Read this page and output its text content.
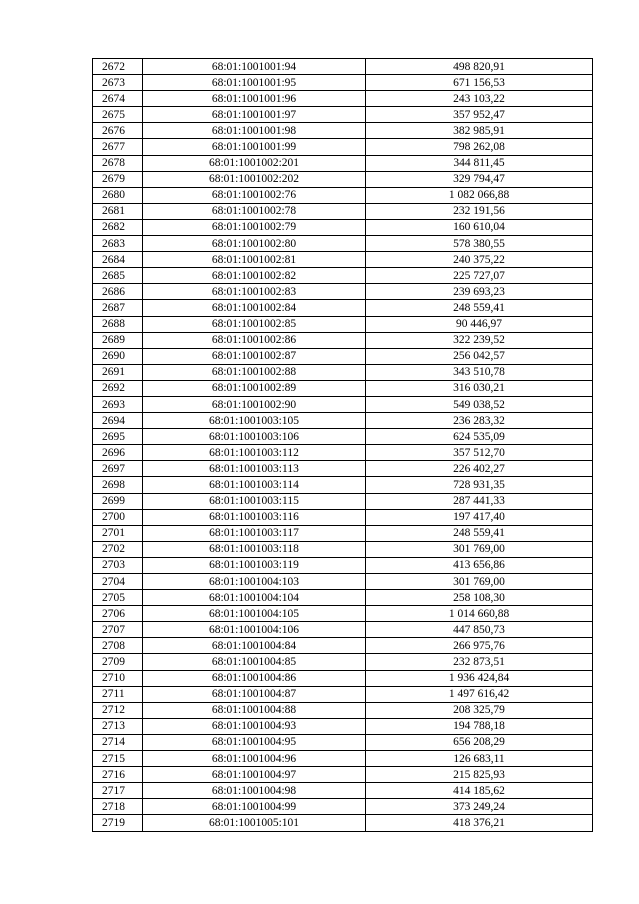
2672	68:01:1001001:94	498 820,91
2673	68:01:1001001:95	671 156,53
2674	68:01:1001001:96	243 103,22
2675	68:01:1001001:97	357 952,47
2676	68:01:1001001:98	382 985,91
2677	68:01:1001001:99	798 262,08
2678	68:01:1001002:201	344 811,45
2679	68:01:1001002:202	329 794,47
2680	68:01:1001002:76	1 082 066,88
2681	68:01:1001002:78	232 191,56
2682	68:01:1001002:79	160 610,04
2683	68:01:1001002:80	578 380,55
2684	68:01:1001002:81	240 375,22
2685	68:01:1001002:82	225 727,07
2686	68:01:1001002:83	239 693,23
2687	68:01:1001002:84	248 559,41
2688	68:01:1001002:85	90 446,97
2689	68:01:1001002:86	322 239,52
2690	68:01:1001002:87	256 042,57
2691	68:01:1001002:88	343 510,78
2692	68:01:1001002:89	316 030,21
2693	68:01:1001002:90	549 038,52
2694	68:01:1001003:105	236 283,32
2695	68:01:1001003:106	624 535,09
2696	68:01:1001003:112	357 512,70
2697	68:01:1001003:113	226 402,27
2698	68:01:1001003:114	728 931,35
2699	68:01:1001003:115	287 441,33
2700	68:01:1001003:116	197 417,40
2701	68:01:1001003:117	248 559,41
2702	68:01:1001003:118	301 769,00
2703	68:01:1001003:119	413 656,86
2704	68:01:1001004:103	301 769,00
2705	68:01:1001004:104	258 108,30
2706	68:01:1001004:105	1 014 660,88
2707	68:01:1001004:106	447 850,73
2708	68:01:1001004:84	266 975,76
2709	68:01:1001004:85	232 873,51
2710	68:01:1001004:86	1 936 424,84
2711	68:01:1001004:87	1 497 616,42
2712	68:01:1001004:88	208 325,79
2713	68:01:1001004:93	194 788,18
2714	68:01:1001004:95	656 208,29
2715	68:01:1001004:96	126 683,11
2716	68:01:1001004:97	215 825,93
2717	68:01:1001004:98	414 185,62
2718	68:01:1001004:99	373 249,24
2719	68:01:1001005:101	418 376,21
